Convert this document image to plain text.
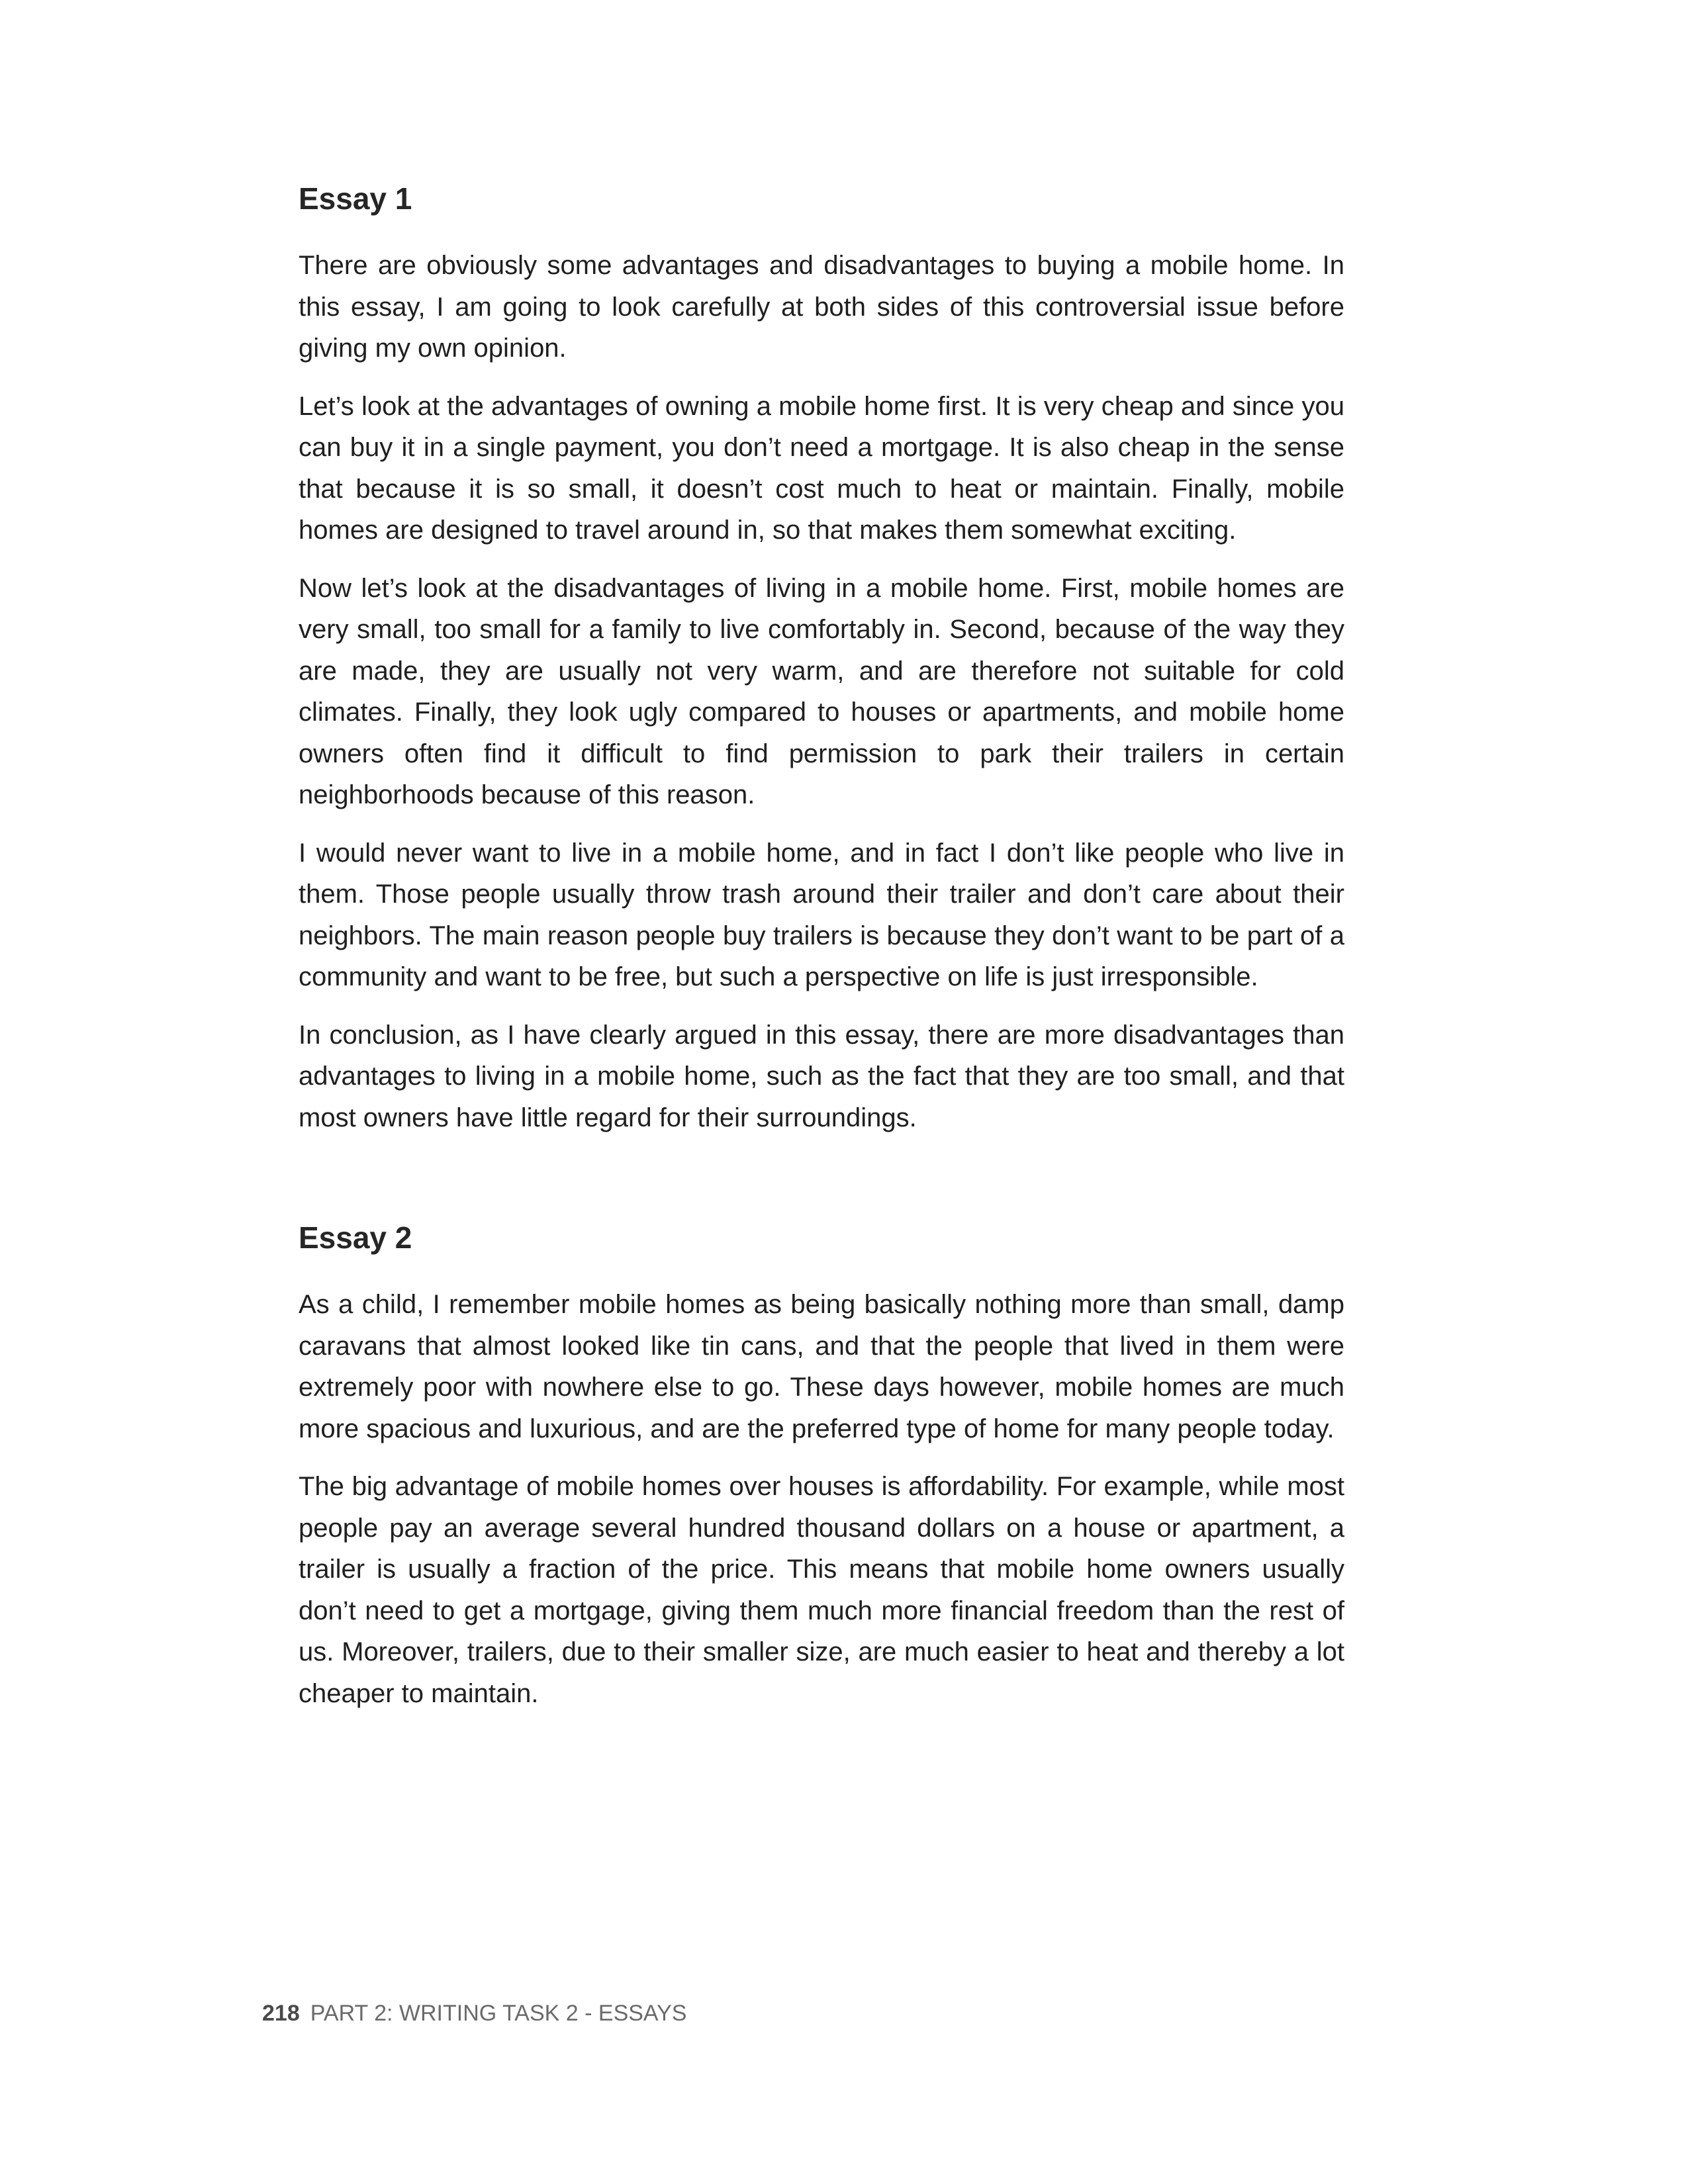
Essay 1

There are obviously some advantages and disadvantages to buying a mobile home. In this essay, I am going to look carefully at both sides of this controversial issue before giving my own opinion.

Let’s look at the advantages of owning a mobile home first. It is very cheap and since you can buy it in a single payment, you don’t need a mortgage. It is also cheap in the sense that because it is so small, it doesn’t cost much to heat or maintain. Finally, mobile homes are designed to travel around in, so that makes them somewhat exciting.

Now let’s look at the disadvantages of living in a mobile home. First, mobile homes are very small, too small for a family to live comfortably in. Second, because of the way they are made, they are usually not very warm, and are therefore not suitable for cold climates. Finally, they look ugly compared to houses or apartments, and mobile home owners often find it difficult to find permission to park their trailers in certain neighborhoods because of this reason.

I would never want to live in a mobile home, and in fact I don’t like people who live in them. Those people usually throw trash around their trailer and don’t care about their neighbors. The main reason people buy trailers is because they don’t want to be part of a community and want to be free, but such a perspective on life is just irresponsible.

In conclusion, as I have clearly argued in this essay, there are more disadvantages than advantages to living in a mobile home, such as the fact that they are too small, and that most owners have little regard for their surroundings.

Essay 2

As a child, I remember mobile homes as being basically nothing more than small, damp caravans that almost looked like tin cans, and that the people that lived in them were extremely poor with nowhere else to go. These days however, mobile homes are much more spacious and luxurious, and are the preferred type of home for many people today.

The big advantage of mobile homes over houses is affordability. For example, while most people pay an average several hundred thousand dollars on a house or apartment, a trailer is usually a fraction of the price. This means that mobile home owners usually don’t need to get a mortgage, giving them much more financial freedom than the rest of us. Moreover, trailers, due to their smaller size, are much easier to heat and thereby a lot cheaper to maintain.

218 PART 2: WRITING TASK 2 - ESSAYS
